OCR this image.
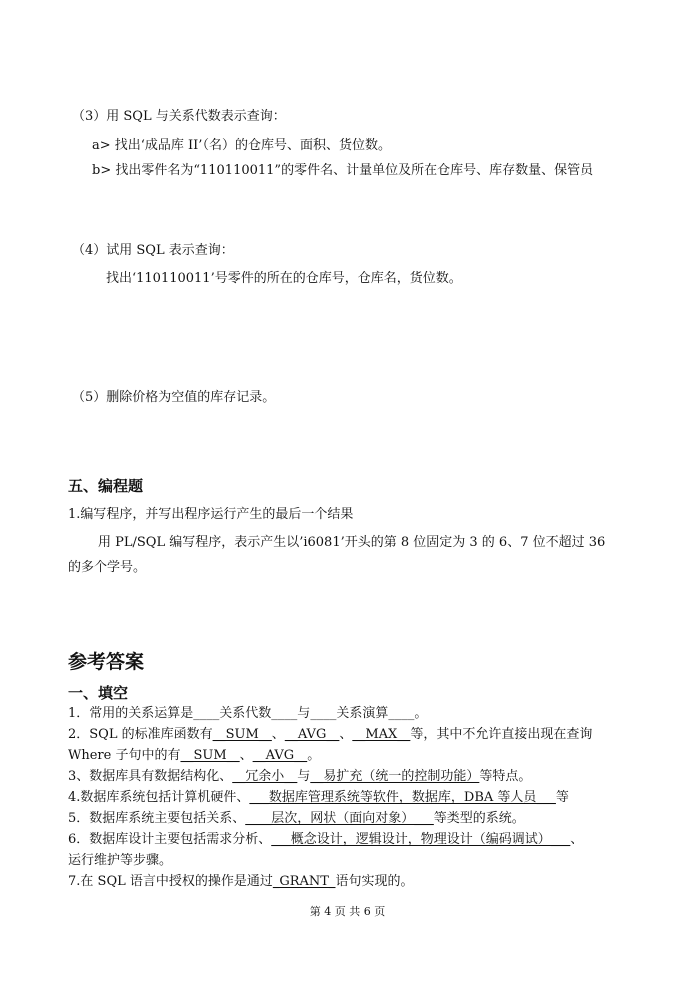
（3）用 SQL 与关系代数表示查询：
a> 找出‘成品库 II’（名）的仓库号、面积、货位数。
b> 找出零件名为“110110011”的零件名、计量单位及所在仓库号、库存数量、保管员
（4）试用 SQL 表示查询：
找出‘110110011’号零件的所在的仓库号，仓库名，货位数。
（5）删除价格为空值的库存记录。
五、编程题
1.编写程序，并写出程序运行产生的最后一个结果
用 PL/SQL 编写程序，表示产生以’i6081’开头的第 8 位固定为 3 的 6、7 位不超过 36
的多个学号。
参考答案
一、填空
1．常用的关系运算是____关系代数____与____关系演算____。
2．SQL 的标准库函数有__SUM__、__AVG__、__MAX__等，其中不允许直接出现在查询
Where 子句中的有__SUM__、__AVG__。
3、数据库具有数据结构化、__冗余小__与__易扩充（统一的控制功能）等特点。
4.数据库系统包括计算机硬件、___数据库管理系统等软件，数据库，DBA 等人员___等
5．数据库系统主要包括关系、____层次，网状（面向对象）___等类型的系统。
6．数据库设计主要包括需求分析、___概念设计，逻辑设计，物理设计（编码调试）___、
运行维护等步骤。
7.在 SQL 语言中授权的操作是通过_GRANT_语句实现的。
第 4 页 共 6 页
